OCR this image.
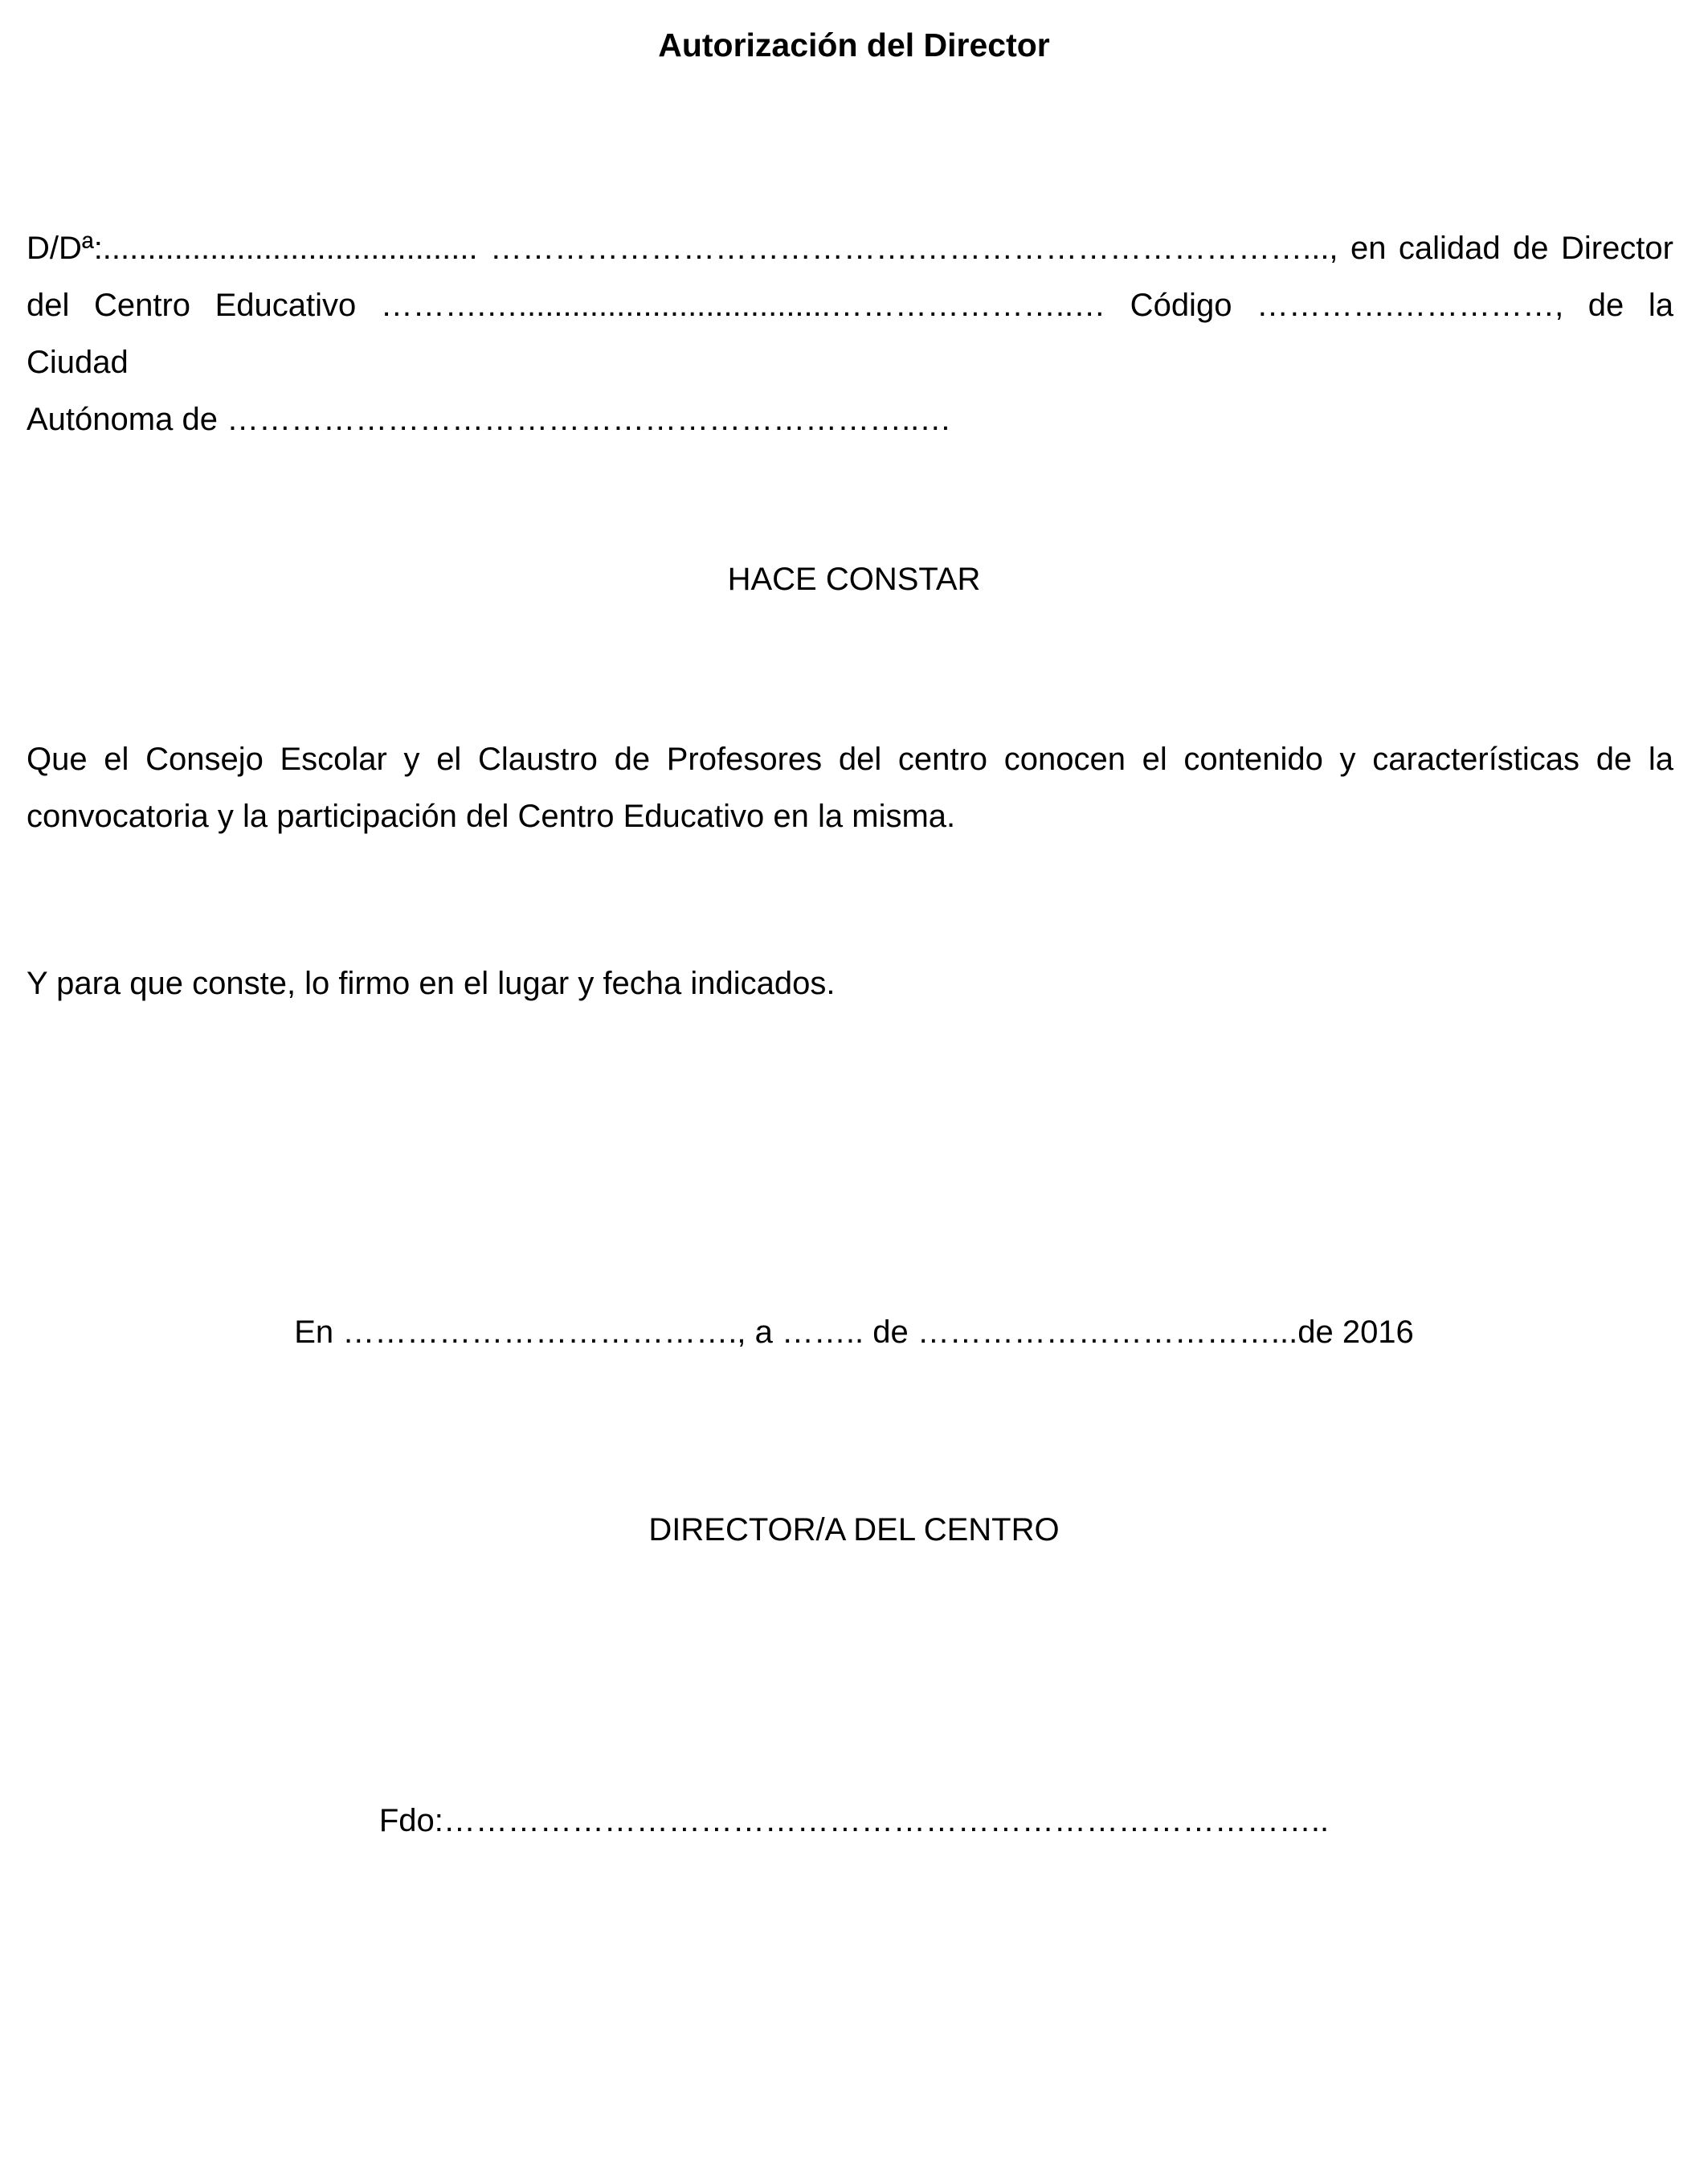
Autorización del Director
D/Dª:.......................................... ………………………………….………………………………..., en calidad de Director
del Centro Educativo ……….…...................................…………………..… Código ………….……………, de la Ciudad
Autónoma de ………………………………………………………..…

HACE CONSTAR

Que el Consejo Escolar y el Claustro de Profesores del centro conocen el contenido y características de la
convocatoria y la participación del Centro Educativo en la misma.

Y para que conste, lo firmo en el lugar y fecha indicados.

En ………………………………., a …….. de ……………………………...de 2016

DIRECTOR/A DEL CENTRO

Fdo:………………………………………………………………………..
